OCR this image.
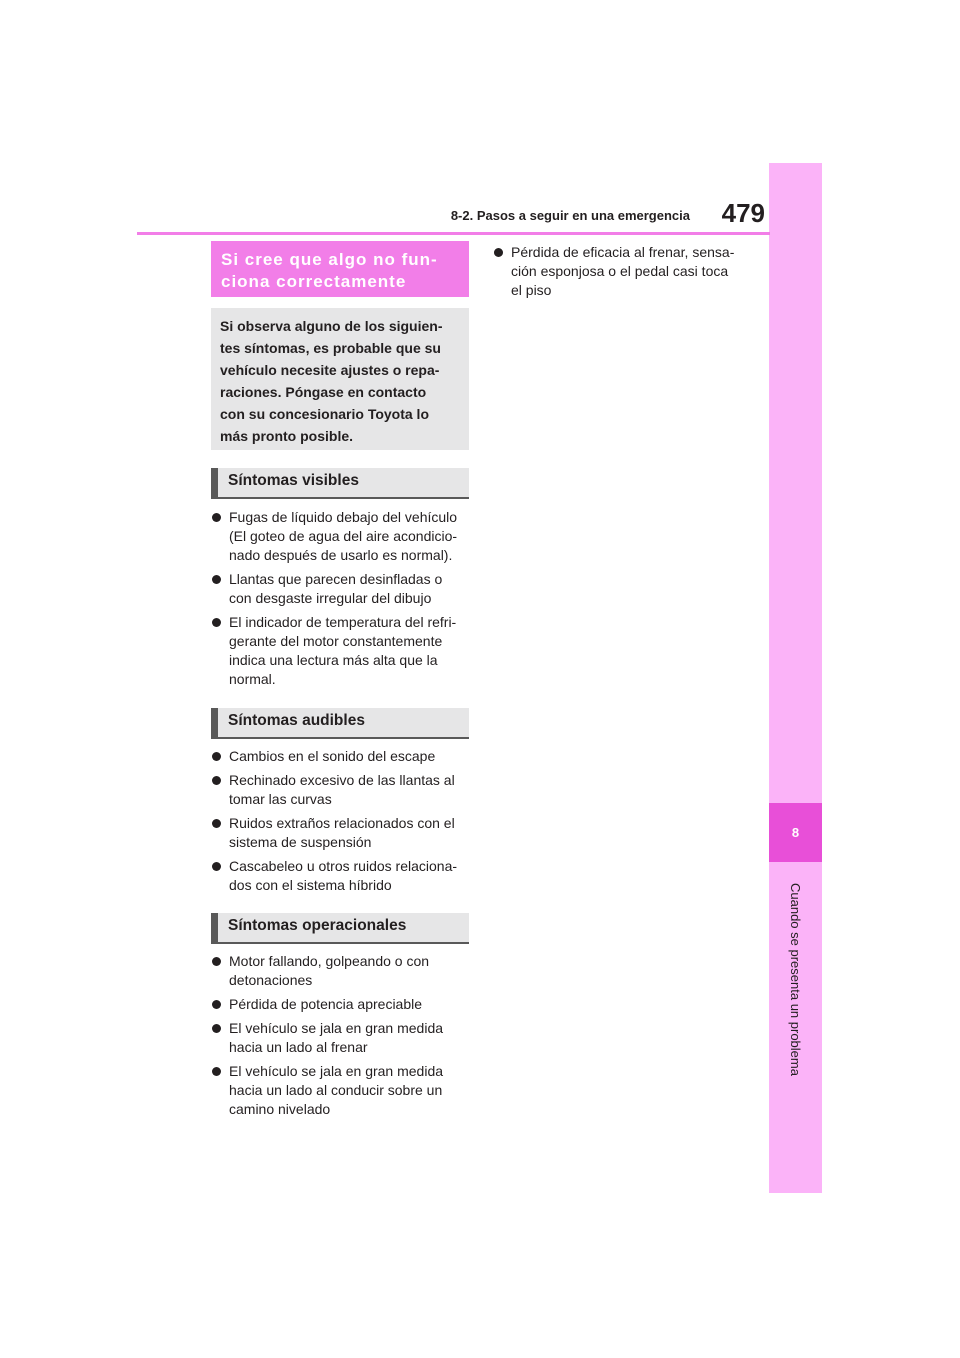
8
Cuando se presenta un problema
8-2. Pasos a seguir en una emergencia	479
Si cree que algo no fun-
ciona correctamente
Si observa alguno de los siguien-
tes síntomas, es probable que su
vehículo necesite ajustes o repa-
raciones. Póngase en contacto
con su concesionario Toyota lo
más pronto posible.
Síntomas visibles
Fugas de líquido debajo del vehículo
(El goteo de agua del aire acondicio-
nado después de usarlo es normal).
Llantas que parecen desinfladas o
con desgaste irregular del dibujo
El indicador de temperatura del refri-
gerante del motor constantemente
indica una lectura más alta que la
normal.
Síntomas audibles
Cambios en el sonido del escape
Rechinado excesivo de las llantas al
tomar las curvas
Ruidos extraños relacionados con el
sistema de suspensión
Cascabeleo u otros ruidos relaciona-
dos con el sistema híbrido
Síntomas operacionales
Motor fallando, golpeando o con
detonaciones
Pérdida de potencia apreciable
El vehículo se jala en gran medida
hacia un lado al frenar
El vehículo se jala en gran medida
hacia un lado al conducir sobre un
camino nivelado
Pérdida de eficacia al frenar, sensa-
ción esponjosa o el pedal casi toca
el piso
